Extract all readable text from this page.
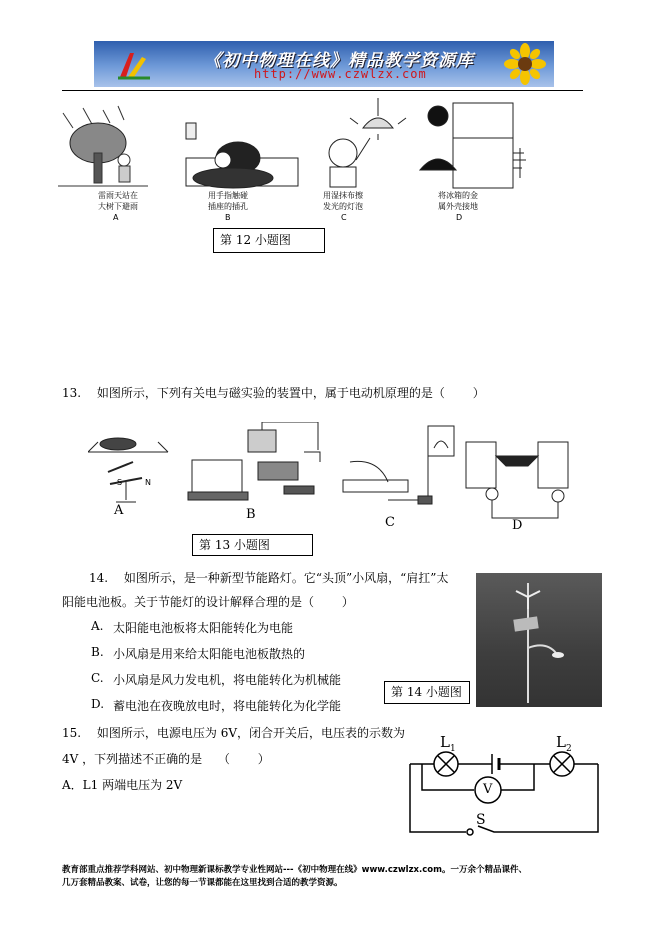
《初中物理在线》精品教学资源库
http://www.czwlzx.com
雷雨天站在
大树下避雨
用手指触碰
插座的插孔
用湿抹布擦
发光的灯泡
将冰箱的金
属外壳接地
A	B	C	D
第 12 小题图
13.　 如图所示，下列有关电与磁实验的装置中，属于电动机原理的是（　　 ）
A	B
C	D
S	N
第 13 小题图
14.　 如图所示，是一种新型节能路灯。它“头顶”小风扇，“肩扛”太
阳能电池板。关于节能灯的设计解释合理的是（　　 ）
第 14 小题图
A. 太阳能电池板将太阳能转化为电能
B. 小风扇是用来给太阳能电池板散热的
C. 小风扇是风力发电机，将电能转化为机械能
D. 蓄电池在夜晚放电时，将电能转化为化学能
15.　 如图所示，电源电压为 6V，闭合开关后，电压表的示数为
4V ，下列描述不正确的是　 （　　 ）
A．L1 两端电压为 2V
$L_1$	$L_2$
V
S
教育部重点推荐学科网站、初中物理新课标教学专业性网站---《初中物理在线》www.czwlzx.com。一万余个精品课件、
几万套精品教案、试卷，让您的每一节课都能在这里找到合适的教学资源。
